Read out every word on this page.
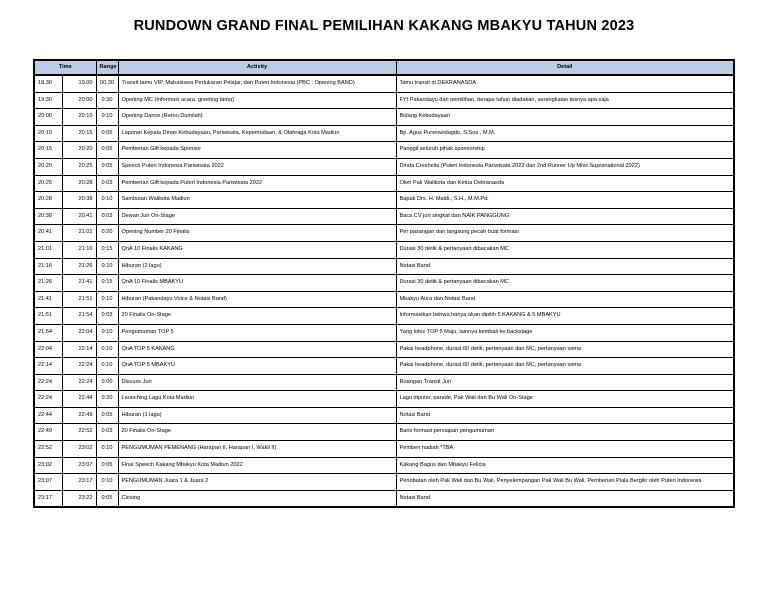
RUNDOWN GRAND FINAL PEMILIHAN KAKANG MBAKYU TAHUN 2023
Time		Range	Activity	Detail
18.30	19.00	00.30	Transit tamu VIP, Mahasiswa Perlukaran Pelajar, dan Puteri Indonesia (PBC : Opening BAND)	Tamu transit di DEKRANASDA
19:30	20:00	0:30	Opening MC (Informasi acara, greeting tamu)	FYI Pakandayu dan pemilihan, berapa tahun diadakan, serangkaian tesnya apa saja
20:00	20:10	0:10	Opening Dance (Retno Dumilah)	Bidang Kebudayaan
20:10	20:15	0:05	Laporan Kepala Dinas Kebudayaan, Pariwisata, Kepemudaan, & Olahraga Kota Madiun	Bp. Agus Purwowidagdo, S.Sos., M.M.
20:15	20:20	0:05	Pemberian Gift kepada Sponsor	Panggil seluruh pihak sponsorship
20:20	20:25	0:05	Speech Puteri Indonesia Pariwisata 2022	Dinda Cresheila (Puteri Indonesia Pariwisata 2022 dan 2nd Runner Up Miss Supranational 2022)
20:25	20:28	0:03	Pemberian Gift kepada Puteri Indonesia Pariwisata 2022	Oleh Pak Walikota dan Ketua Dekranasda
20:28	20:38	0:10	Sambutan Walikota Madiun	Bapak Drs. H. Maidi., S.H., M.M.Pd.
20:38	20:41	0:03	Dewan Juri On-Stage	Baca CV juri singkat dan NAIK PANGGUNG
20:41	21:01	0:20	Opening Number 20 Finalis	Per pasangan dan langsung pecah buat formasi
21:01	21:16	0:15	QnA 10 Finalis KAKANG	Durasi 30 detik & pertanyaan dibacakan MC
21:16	21:26	0:10	Hiburan (2 lagu)	Notasi Band
21:26	21:41	0:15	QnA 10 Finalis MBAKYU	Durasi 30 detik & pertanyaan dibacakan MC
21:41	21:51	0:10	Hiburan (Pakandayu Voice & Notasi Band)	Mbakyu Aura dan Notasi Band
21:51	21:54	0:03	20 Finalis On-Stage	Informasikan bahwa hanya akan dipilih 5 KAKANG & 5 MBAKYU
21:54	22:04	0:10	Pengumuman TOP 5	Yang lolos TOP 5 Maju, lainnya kembali ke backstage
22:04	22:14	0:10	QnA TOP 5 KAKANG	Pakai headphone, durasi 60 detik, pertanyaan dari MC, pertanyaan sama
22:14	22:24	0:10	QnA TOP 5 MBAKYU	Pakai headphone, durasi 60 detik, pertanyaan dari MC, pertanyaan sama
22:24	22:24	0:00	Discuss Juri	Ruangan Transit Juri
22:24	22:44	0:20	Launching Lagu Kota Madiun	Lagu diputar, parade, Pak Wali dan Bu Wali On-Stage
22:44	22:49	0:05	Hiburan (1 lagu)	Notasi Band
22:49	22:52	0:03	20 Finalis On-Stage	Baris formasi persiapan pengumuman
22:52	23:02	0:10	PENGUMUMAN PEMENANG (Harapan II, Harapan I, Wakil II)	Pemberi hadiah *TBA
23:02	23:07	0:05	Final Speech Kakang Mbakyu Kota Madiun 2022	Kakang Bagus dan Mbakyu Felicia
23:07	23:17	0:10	PENGUMUMAN Juara 1 & Juara 2	Penobatan oleh Pak Wali dan Bu Wali, Penyelempangan Pak Wali Bu Wali, Pemberian Piala Bergilir oleh Puteri Indonesia
23:17	23:22	0:05	Closing	Notasi Band
